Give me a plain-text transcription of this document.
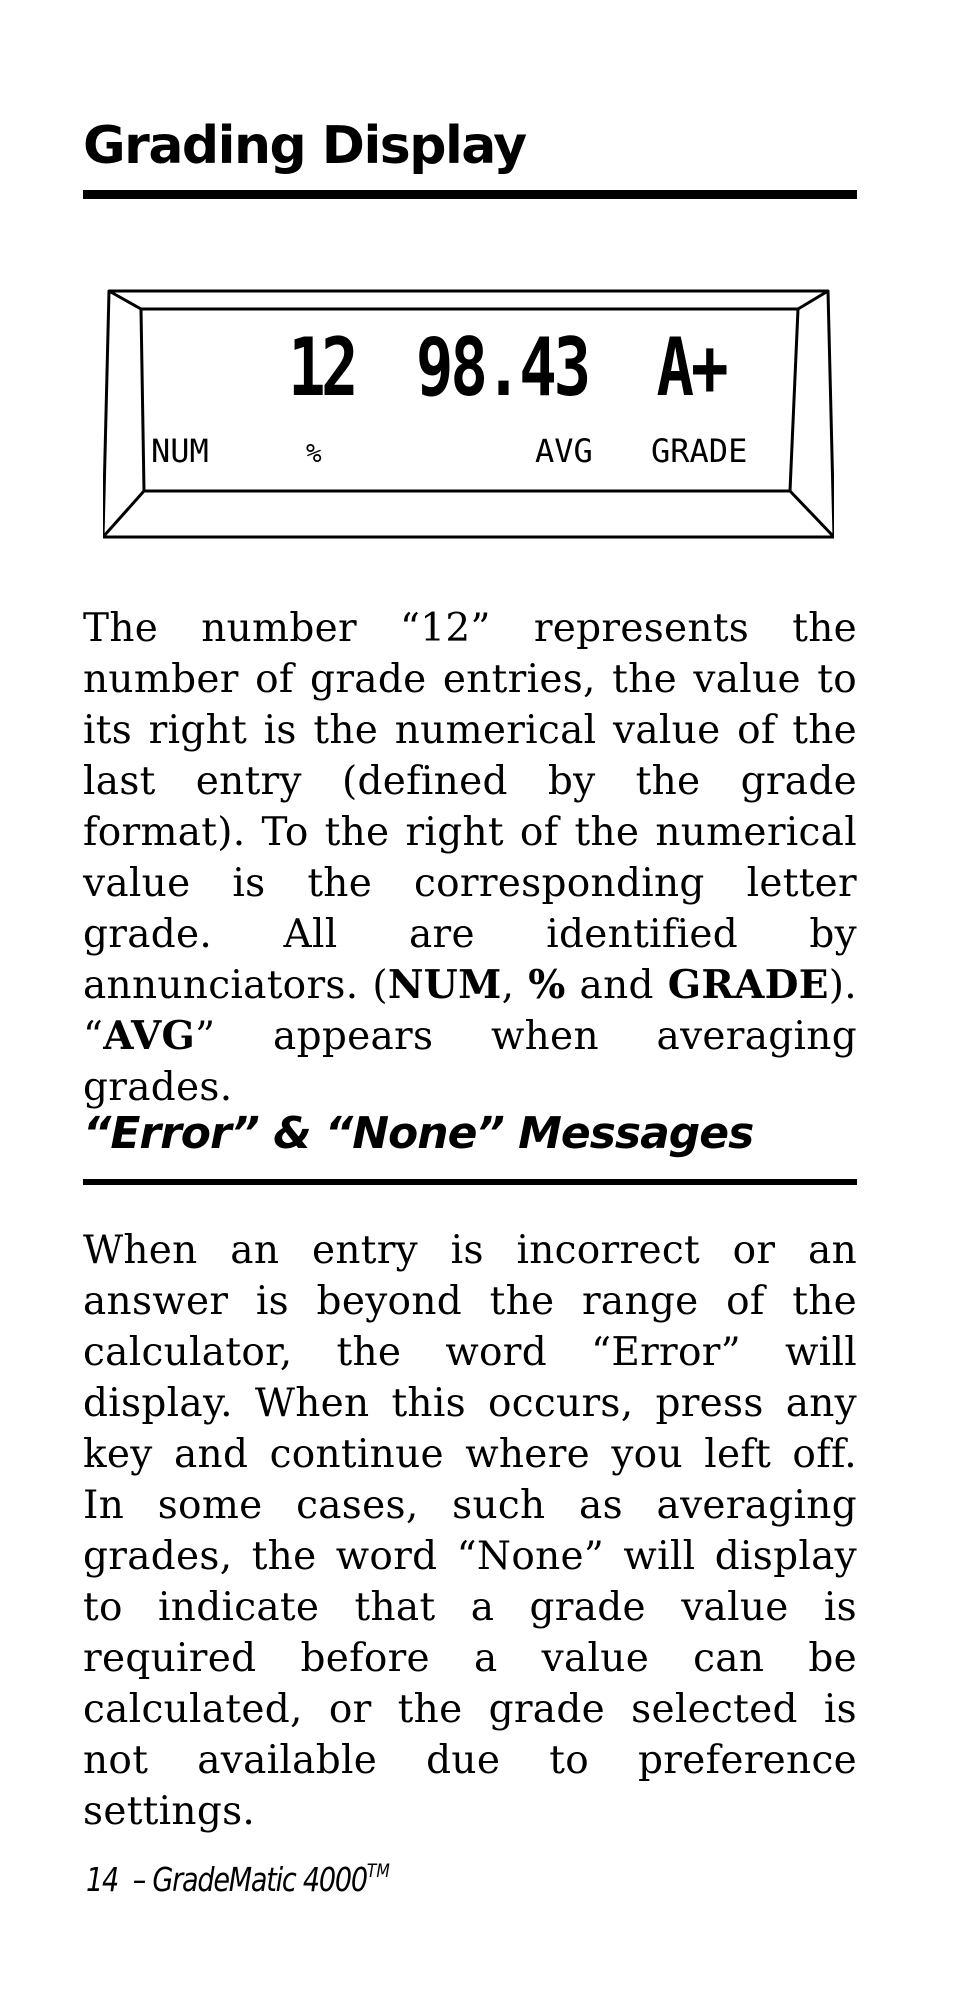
Grading Display
12 98.43 A+
NUM	%	AVG GRADE

The number “12” represents the number of grade entries, the value to its right is the numerical value of the last entry (defined by the grade format). To the right of the numerical value is the corresponding letter grade. All are identified by annunciators. (NUM, % and GRADE). “AVG” appears when averaging grades.

“Error” & “None” Messages

When an entry is incorrect or an answer is beyond the range of the calculator, the word “Error” will display. When this occurs, press any key and continue where you left off. In some cases, such as averaging grades, the word “None” will display to indicate that a grade value is required before a value can be calculated, or the grade selected is not available due to preference settings.

14 – GradeMatic 4000™
